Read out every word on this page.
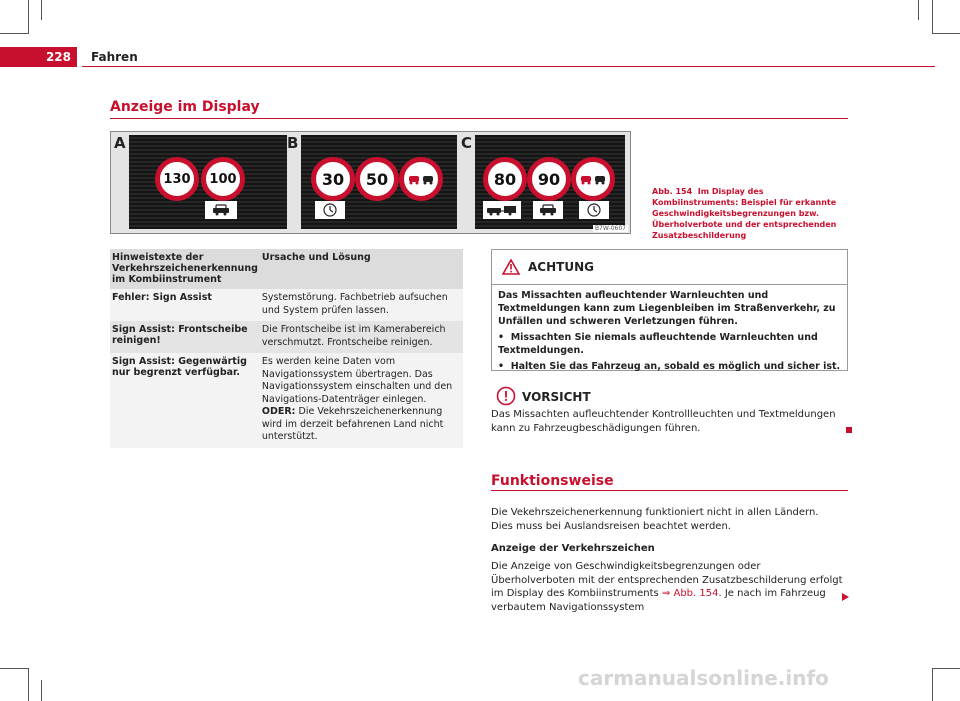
228	Fahren
Anzeige im Display
A
130	100
B
30	50
C
80	90
B7W-0607
Abb. 154 Im Display des Kombiinstruments: Beispiel für erkannte Geschwindigkeitsbegrenzungen bzw. Überholverbote und der entsprechenden Zusatzbeschilderung
Hinweistexte der Verkehrszeichenerkennung im Kombiinstrument	Ursache und Lösung
Fehler: Sign Assist	Systemstörung. Fachbetrieb aufsuchen und System prüfen lassen.
Sign Assist: Frontscheibe reinigen!	Die Frontscheibe ist im Kamerabereich verschmutzt. Frontscheibe reinigen.
Sign Assist: Gegenwärtig nur begrenzt verfügbar.	Es werden keine Daten vom Navigationssystem übertragen. Das Navigationssystem einschalten und den Navigations-Datenträger einlegen. ODER: Die Vekehrszeichenerkennung wird im derzeit befahrenen Land nicht unterstützt.
ACHTUNG

Das Missachten aufleuchtender Warnleuchten und Textmeldungen kann zum Liegenbleiben im Straßenverkehr, zu Unfällen und schweren Verletzungen führen.

•  Missachten Sie niemals aufleuchtende Warnleuchten und Textmeldungen.

•  Halten Sie das Fahrzeug an, sobald es möglich und sicher ist.

VORSICHT
Das Missachten aufleuchtender Kontrollleuchten und Textmeldungen kann zu Fahrzeugbeschädigungen führen.
Funktionsweise
Die Vekehrszeichenerkennung funktioniert nicht in allen Ländern. Dies muss bei Auslandsreisen beachtet werden.
Anzeige der Verkehrszeichen
Die Anzeige von Geschwindigkeitsbegrenzungen oder Überholverboten mit der entsprechenden Zusatzbeschilderung erfolgt im Display des Kombiinstruments ⇒ Abb. 154. Je nach im Fahrzeug verbautem Navigationssystem
carmanualsonline.info
